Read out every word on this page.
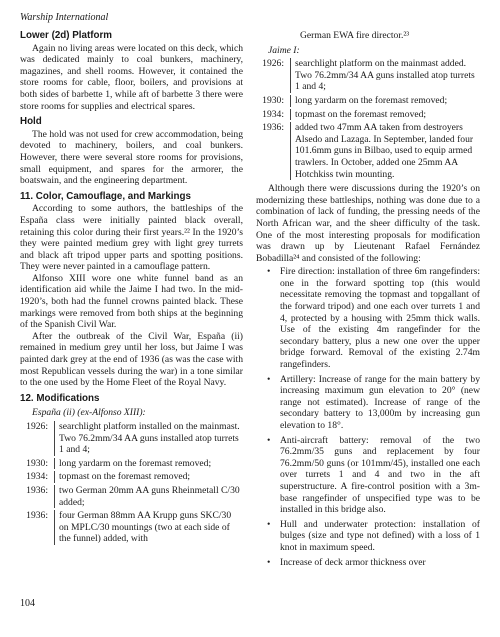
Warship International
Lower (2d) Platform

Again no living areas were located on this deck, which was dedicated mainly to coal bunkers, machinery, magazines, and shell rooms. However, it contained the store rooms for cable, floor, boilers, and provisions at both sides of barbette 1, while aft of barbette 3 there were store rooms for supplies and electrical spares.

Hold

The hold was not used for crew accommodation, being devoted to machinery, boilers, and coal bunkers. However, there were several store rooms for provisions, small equipment, and spares for the armorer, the boatswain, and the engineering department.

11. Color, Camouflage, and Markings

According to some authors, the battleships of the España class were initially painted black overall, retaining this color during their first years.²² In the 1920’s they were painted medium grey with light grey turrets and black aft tripod upper parts and spotting positions. They were never painted in a camouflage pattern.

Alfonso XIII wore one white funnel band as an identification aid while the Jaime I had two. In the mid-1920’s, both had the funnel crowns painted black. These markings were removed from both ships at the beginning of the Spanish Civil War.

After the outbreak of the Civil War, España (ii) remained in medium grey until her loss, but Jaime I was painted dark grey at the end of 1936 (as was the case with most Republican vessels during the war) in a tone similar to the one used by the Home Fleet of the Royal Navy.

12. Modifications
España (ii) (ex-Alfonso XIII):
1926:	searchlight platform installed on the mainmast. Two 76.2mm/34 AA guns installed atop turrets 1 and 4;
1930:	long yardarm on the foremast removed;
1934:	topmast on the foremast removed;
1936:	two German 20mm AA guns Rheinmetall C/30 added;
1936:	four German 88mm AA Krupp guns SKC/30 on MPLC/30 mountings (two at each side of the funnel) added, with
German EWA fire director.²³
Jaime I:
1926:	searchlight platform on the mainmast added. Two 76.2mm/34 AA guns installed atop turrets 1 and 4;
1930:	long yardarm on the foremast removed;
1934:	topmast on the foremast removed;
1936:	added two 47mm AA taken from destroyers Alsedo and Lazaga. In September, landed four 101.6mm guns in Bilbao, used to equip armed trawlers. In October, added one 25mm AA Hotchkiss twin mounting.

Although there were discussions during the 1920’s on modernizing these battleships, nothing was done due to a combination of lack of funding, the pressing needs of the North African war, and the sheer difficulty of the task. One of the most interesting proposals for modification was drawn up by Lieutenant Rafael Fernández Bobadilla²⁴ and consisted of the following:

• Fire direction: installation of three 6m rangefinders: one in the forward spotting top (this would necessitate removing the topmast and topgallant of the forward tripod) and one each over turrets 1 and 4, protected by a housing with 25mm thick walls. Use of the existing 4m rangefinder for the secondary battery, plus a new one over the upper bridge forward. Removal of the existing 2.74m rangefinders.
• Artillery: Increase of range for the main battery by increasing maximum gun elevation to 20° (new range not estimated). Increase of range of the secondary battery to 13,000m by increasing gun elevation to 18°.
• Anti-aircraft battery: removal of the two 76.2mm/35 guns and replacement by four 76.2mm/50 guns (or 101mm/45), installed one each over turrets 1 and 4 and two in the aft superstructure. A fire-control position with a 3m-base rangefinder of unspecified type was to be installed in this bridge also.
• Hull and underwater protection: installation of bulges (size and type not defined) with a loss of 1 knot in maximum speed.
• Increase of deck armor thickness over
104
